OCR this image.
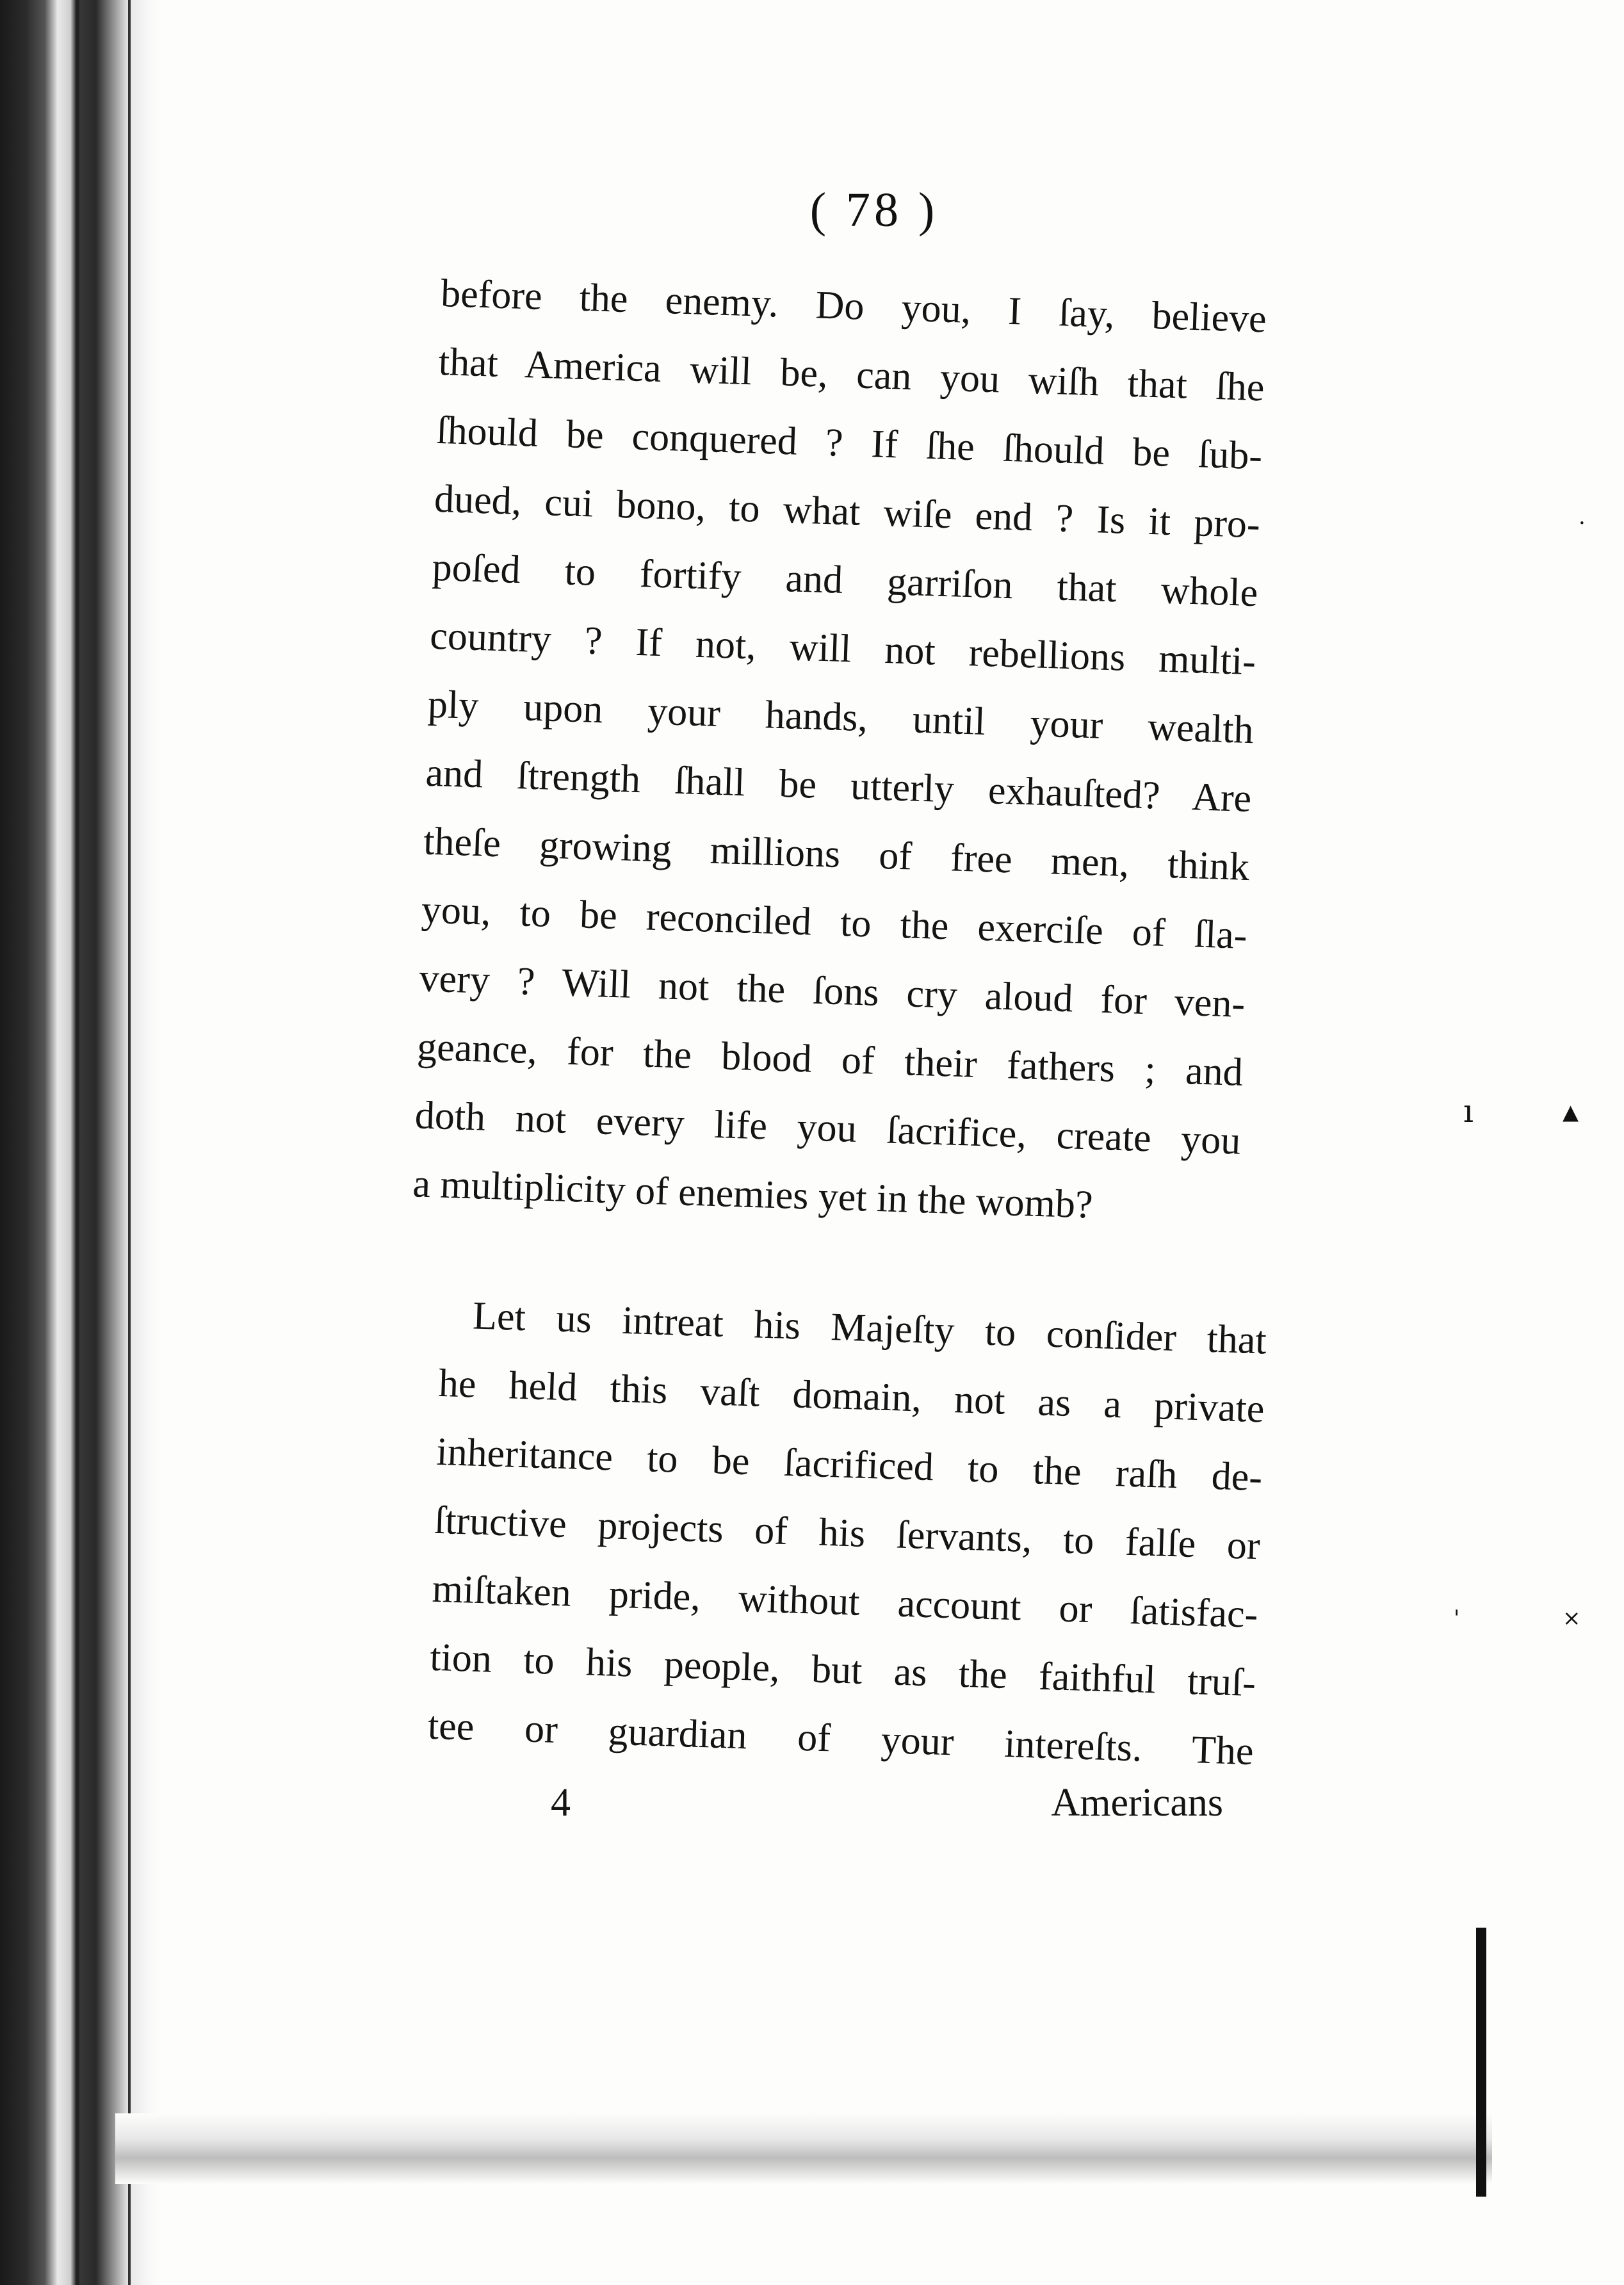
ı	▴
·
'	×
( 78 )
before the enemy. Do you, I ſay, believe
that America will be, can you wiſh that ſhe
ſhould be conquered ? If ſhe ſhould be ſub-
dued, cui bono, to what wiſe end ? Is it pro-
poſed to fortify and garriſon that whole
country ? If not, will not rebellions multi-
ply upon your hands, until your wealth
and ſtrength ſhall be utterly exhauſted? Are
theſe growing millions of free men, think
you, to be reconciled to the exerciſe of ſla-
very ? Will not the ſons cry aloud for ven-
geance, for the blood of their fathers ; and
doth not every life you ſacrifice, create you
a multiplicity of enemies yet in the womb?
Let us intreat his Majeſty to conſider that
he held this vaſt domain, not as a private
inheritance to be ſacrificed to the raſh de-
ſtructive projects of his ſervants, to falſe or
miſtaken pride, without account or ſatisfac-
tion to his people, but as the faithful truſ-
tee or guardian of your intereſts. The
4	Americans
